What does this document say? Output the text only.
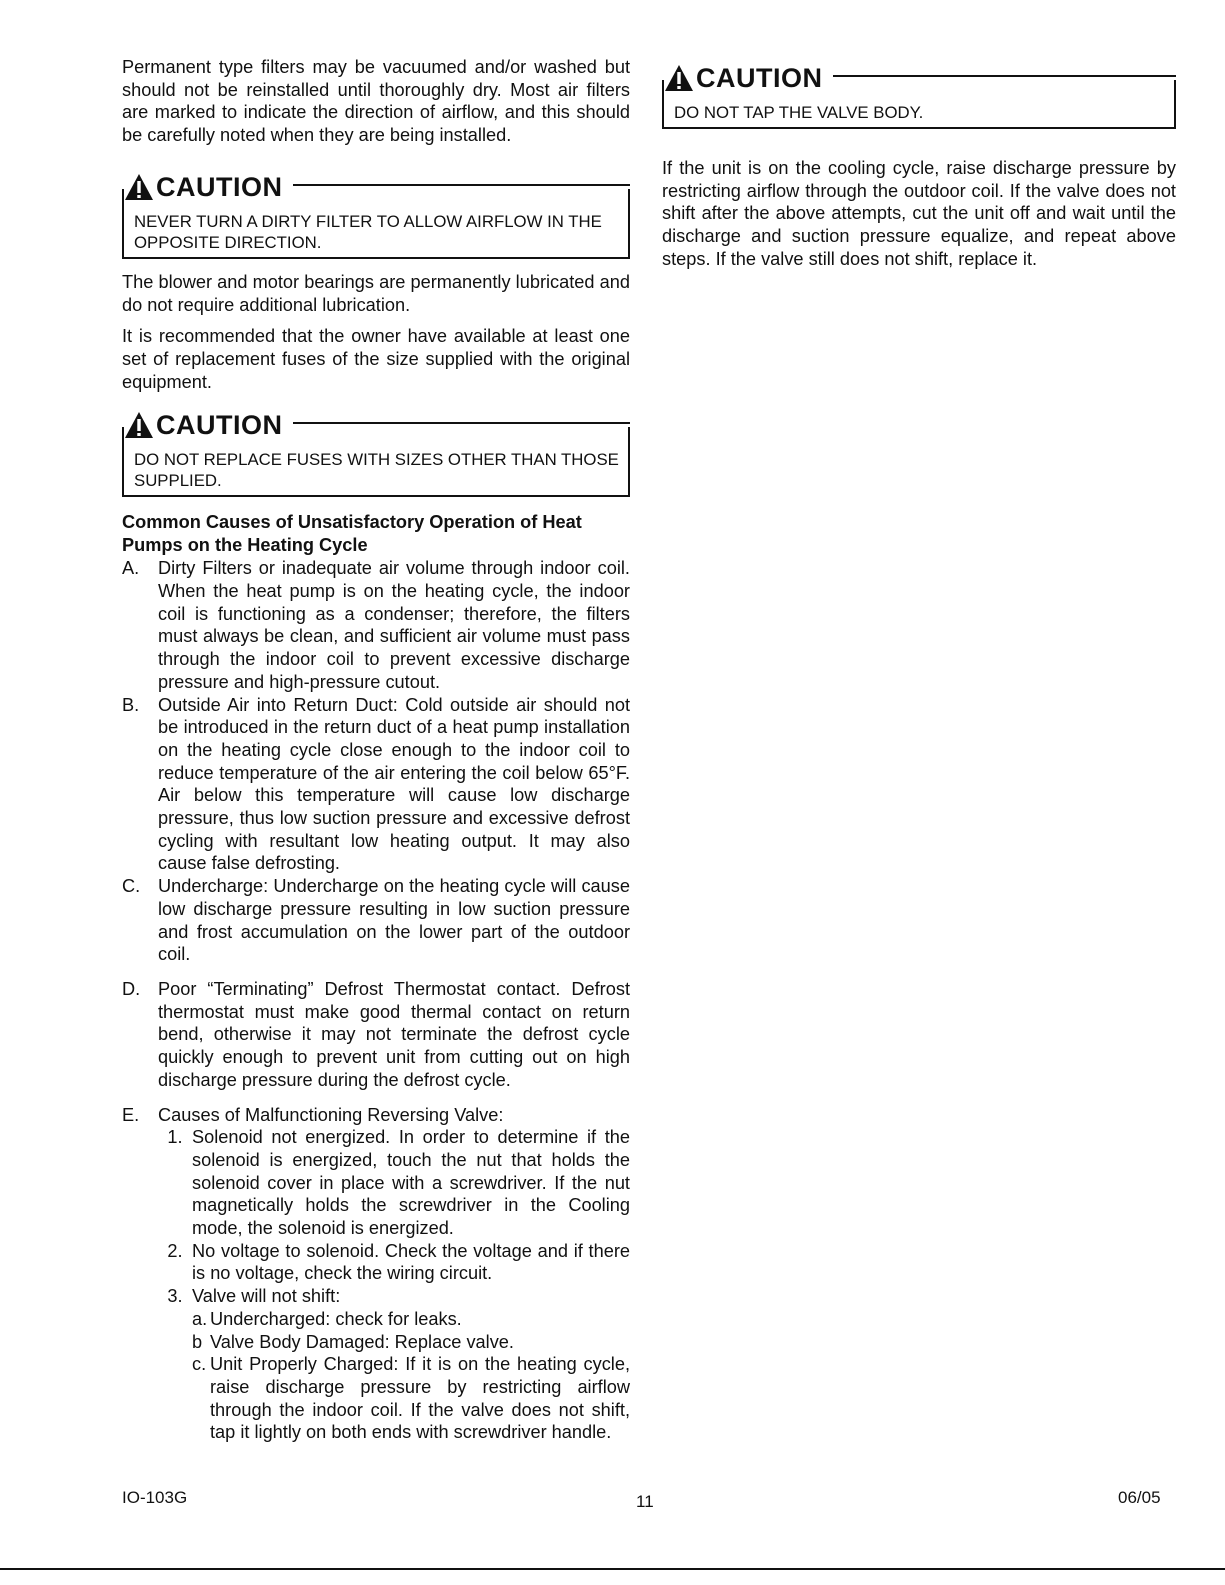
Permanent type filters may be vacuumed and/or washed but should not be reinstalled until thoroughly dry. Most air filters are marked to indicate the direction of airflow, and this should be carefully noted when they are being installed.

CAUTION
NEVER TURN A DIRTY FILTER TO ALLOW AIRFLOW IN THE OPPOSITE DIRECTION.

The blower and motor bearings are permanently lubricated and do not require additional lubrication.

It is recommended that the owner have available at least one set of replacement fuses of the size supplied with the original equipment.

CAUTION
DO NOT REPLACE FUSES WITH SIZES OTHER THAN THOSE SUPPLIED.
Common Causes of Unsatisfactory Operation of Heat Pumps on the Heating Cycle
A.	Dirty Filters or inadequate air volume through indoor coil. When the heat pump is on the heating cycle, the indoor coil is functioning as a condenser; therefore, the filters must always be clean, and sufficient air volume must pass through the indoor coil to prevent excessive discharge pressure and high-pressure cutout.
B.	Outside Air into Return Duct: Cold outside air should not be introduced in the return duct of a heat pump installation on the heating cycle close enough to the indoor coil to reduce temperature of the air entering the coil below 65°F. Air below this temperature will cause low discharge pressure, thus low suction pressure and excessive defrost cycling with resultant low heating output. It may also cause false defrosting.
C. Undercharge: Undercharge on the heating cycle will cause low discharge pressure resulting in low suction pressure and frost accumulation on the lower part of the outdoor coil.
D. Poor “Terminating” Defrost Thermostat contact. Defrost thermostat must make good thermal contact on return bend, otherwise it may not terminate the defrost cycle quickly enough to prevent unit from cutting out on high discharge pressure during the defrost cycle.
E.	Causes of Malfunctioning Reversing Valve:
1. Solenoid not energized. In order to determine if the solenoid is energized, touch the nut that holds the solenoid cover in place with a screwdriver. If the nut magnetically holds the screwdriver in the Cooling mode, the solenoid is energized.
2. No voltage to solenoid. Check the voltage and if there is no voltage, check the wiring circuit.
3. Valve will not shift:
a. Undercharged: check for leaks.
b Valve Body Damaged: Replace valve.
c. Unit Properly Charged: If it is on the heating cycle, raise discharge pressure by restricting airflow through the indoor coil. If the valve does not shift, tap it lightly on both ends with screwdriver handle.
CAUTION
DO NOT TAP THE VALVE BODY.

If the unit is on the cooling cycle, raise discharge pressure by restricting airflow through the outdoor coil. If the valve does not shift after the above attempts, cut the unit off and wait until the discharge and suction pressure equalize, and repeat above steps. If the valve still does not shift, replace it.

IO-103G	11	06/05
